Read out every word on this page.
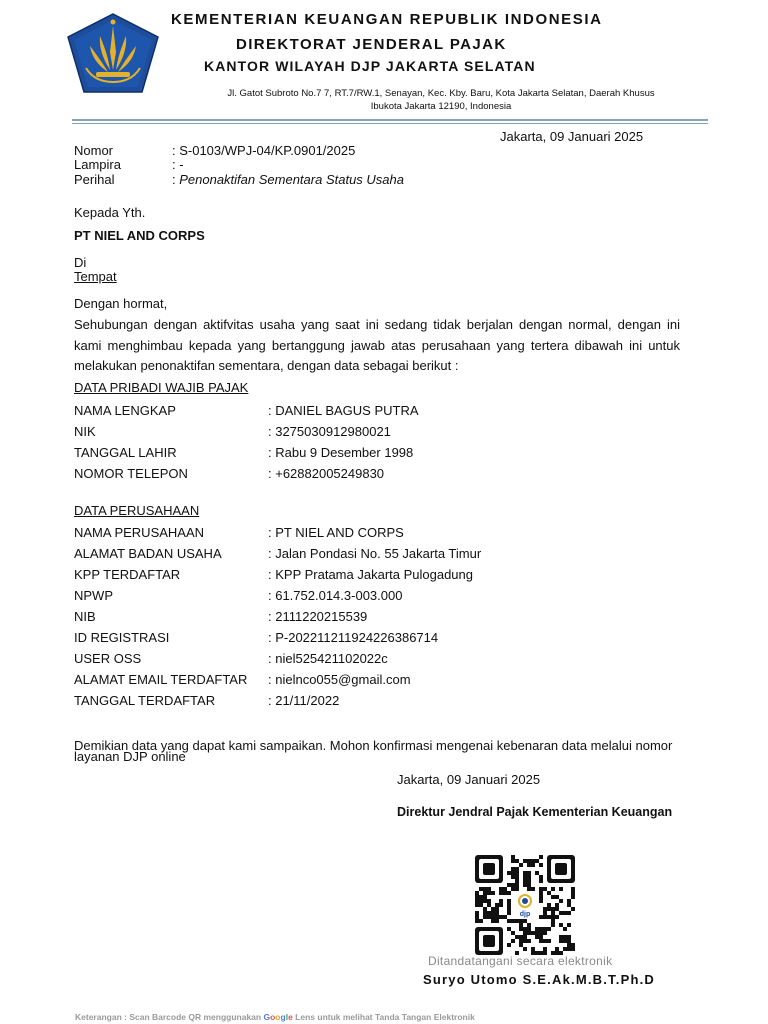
KEMENTERIAN KEUANGAN REPUBLIK INDONESIA
DIREKTORAT JENDERAL PAJAK
KANTOR WILAYAH DJP JAKARTA SELATAN
Jl. Gatot Subroto No.7 7, RT.7/RW.1, Senayan, Kec. Kby. Baru, Kota Jakarta Selatan, Daerah Khusus
Ibukota Jakarta 12190, Indonesia
Jakarta, 09 Januari 2025
Nomor	: S-0103/WPJ-04/KP.0901/2025
Lampira	: -
Perihal	: Penonaktifan Sementara Status Usaha
Kepada Yth.
PT NIEL AND CORPS
Di
Tempat
Dengan hormat,
Sehubungan dengan aktifvitas usaha yang saat ini sedang tidak berjalan dengan normal, dengan ini kami menghimbau kepada yang bertanggung jawab atas perusahaan yang tertera dibawah ini untuk melakukan penonaktifan sementara, dengan data sebagai berikut :
DATA PRIBADI WAJIB PAJAK
NAMA LENGKAP	: DANIEL BAGUS PUTRA
NIK	: 3275030912980021
TANGGAL LAHIR	: Rabu 9 Desember 1998
NOMOR TELEPON	: +62882005249830
DATA PERUSAHAAN
NAMA PERUSAHAAN	: PT NIEL AND CORPS
ALAMAT BADAN USAHA	: Jalan Pondasi No. 55 Jakarta Timur
KPP TERDAFTAR	: KPP Pratama Jakarta Pulogadung
NPWP	: 61.752.014.3-003.000
NIB	: 2111220215539
ID REGISTRASI	: P-202211211924226386714
USER OSS	: niel525421102022c
ALAMAT EMAIL TERDAFTAR : nielnco055@gmail.com
TANGGAL TERDAFTAR	: 21/11/2022
Demikian data yang dapat kami sampaikan. Mohon konfirmasi mengenai kebenaran data melalui nomor
layanan DJP online
Jakarta, 09 Januari 2025
Direktur Jendral Pajak Kementerian Keuangan
djp
Ditandatangani secara elektronik
Suryo Utomo S.E.Ak.M.B.T.Ph.D
Keterangan : Scan Barcode QR menggunakan Google Lens untuk melihat Tanda Tangan Elektronik
